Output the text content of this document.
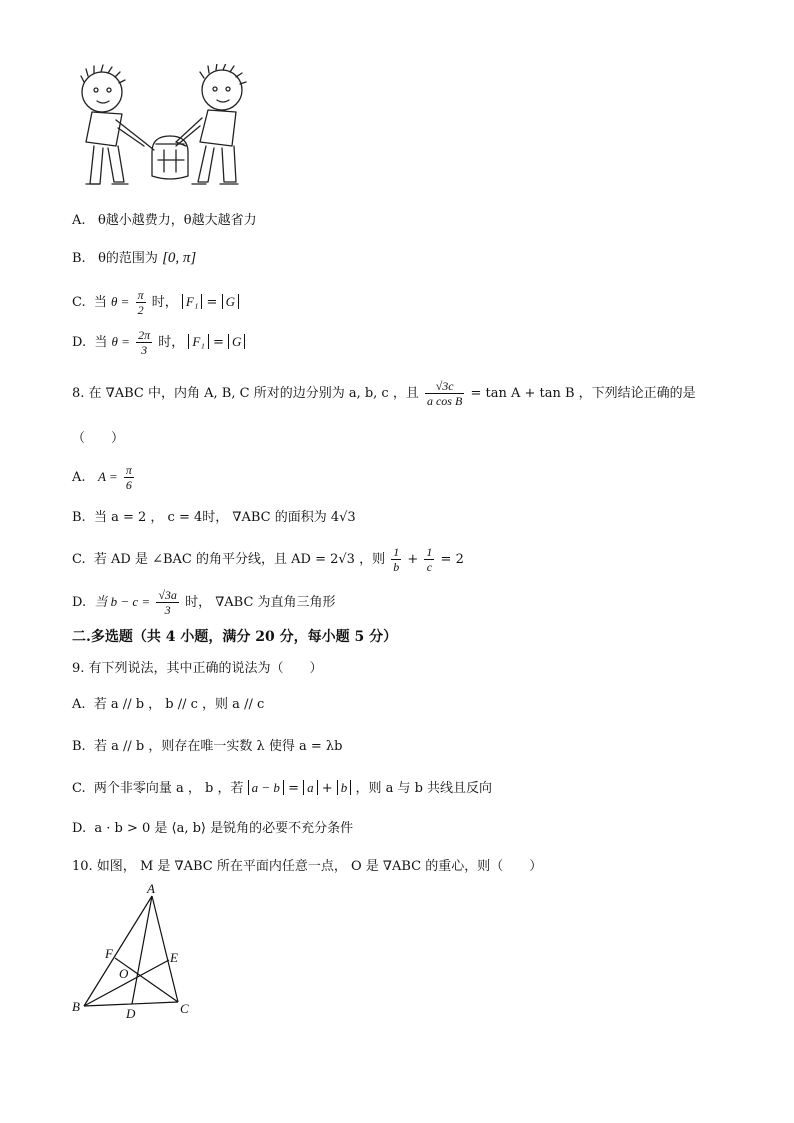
A. θ越小越费力，θ越大越省力
B. θ的范围为 [0, π]
C. 当 $\theta = \frac{\pi}{2}$ 时， F₁ = G
D. 当 $\theta = \frac{2\pi}{3}$ 时， F₁ = G
8. 在 ∇ABC 中，内角 A, B, C 所对的边分别为 a, b, c ，且 $\frac{√3c}{\text{a cos B}} = \tan A + \tan B$ ，下列结论正确的是
（　　）
A. $A = \frac{\pi}{6}$
B. 当 a = 2 ， c = 4时， ∇ABC 的面积为 4√3
C. 若 AD 是 ∠BAC 的角平分线，且 AD = 2√3 ，则 $\frac{1}{b} + \frac{1}{c} = 2$
D. 当 $b - c = \frac{√3a}{3}$ 时， ∇ABC 为直角三角形
二.多选题（共 4 小题，满分 20 分，每小题 5 分）
9. 有下列说法，其中正确的说法为（　　）
A. 若 a // b ， b // c ，则 a // c
B. 若 a // b ，则存在唯一实数 λ 使得 a = λb
C. 两个非零向量 a ， b ，若 a − b = a + b ，则 a 与 b 共线且反向
D. a · b > 0 是 ⟨a, b⟩ 是锐角的必要不充分条件
10. 如图， M 是 ∇ABC 所在平面内任意一点， O 是 ∇ABC 的重心，则（　　）
A
B	C
D
E
F
O
